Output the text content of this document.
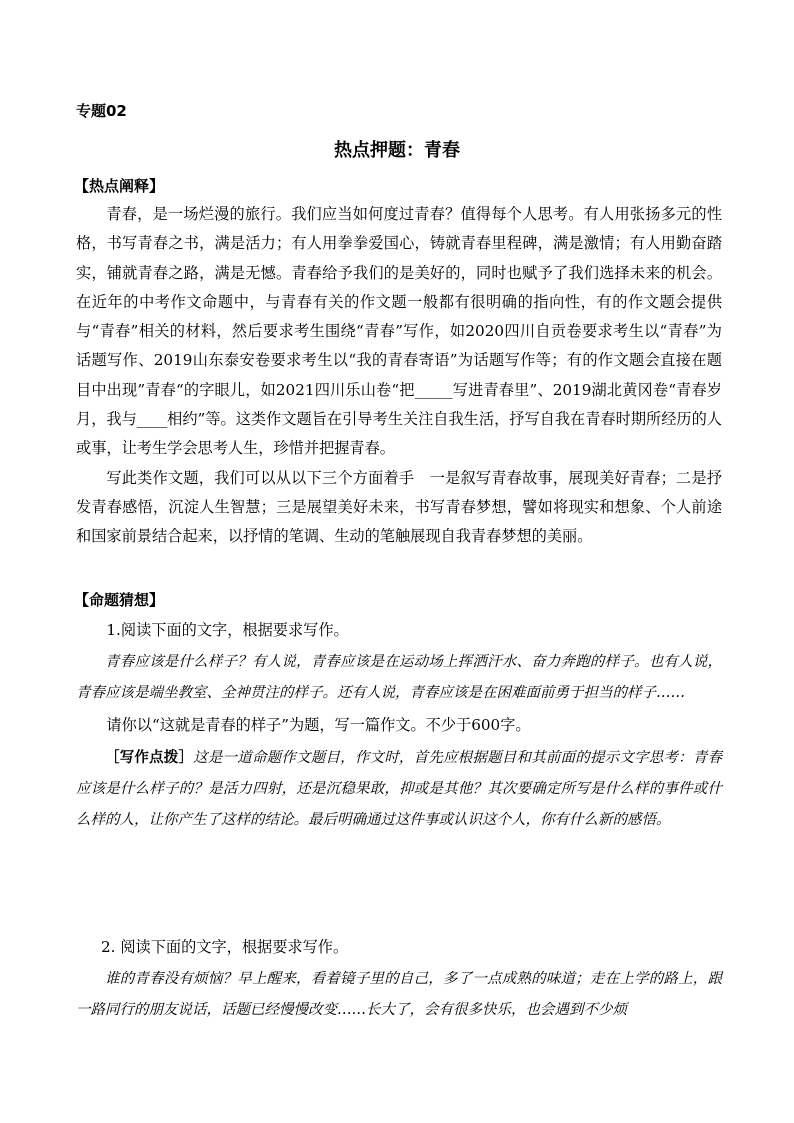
专题02
热点押题：青春
【热点阐释】

青春，是一场烂漫的旅行。我们应当如何度过青春？值得每个人思考。有人用张扬多元的性格，书写青春之书，满是活力；有人用拳拳爱国心，铸就青春里程碑，满是激情；有人用勤奋踏实，铺就青春之路，满是无憾。青春给予我们的是美好的，同时也赋予了我们选择未来的机会。在近年的中考作文命题中，与青春有关的作文题一般都有很明确的指向性，有的作文题会提供与“青春”相关的材料，然后要求考生围绕“青春”写作，如2020四川自贡卷要求考生以“青春”为话题写作、2019山东泰安卷要求考生以“我的青春寄语”为话题写作等；有的作文题会直接在题目中出现”青春“的字眼儿，如2021四川乐山卷“把_____写进青春里”、2019湖北黄冈卷“青春岁月，我与____相约”等。这类作文题旨在引导考生关注自我生活，抒写自我在青春时期所经历的人或事，让考生学会思考人生，珍惜并把握青春。

写此类作文题，我们可以从以下三个方面着手　一是叙写青春故事，展现美好青春；二是抒发青春感悟，沉淀人生智慧；三是展望美好未来，书写青春梦想，譬如将现实和想象、个人前途和国家前景结合起来，以抒情的笔调、生动的笔触展现自我青春梦想的美丽。

【命题猜想】

1.阅读下面的文字，根据要求写作。

青春应该是什么样子？有人说，青春应该是在运动场上挥洒汗水、奋力奔跑的样子。也有人说，青春应该是端坐教室、全神贯注的样子。还有人说，青春应该是在困难面前勇于担当的样子……

请你以“这就是青春的样子”为题，写一篇作文。不少于600字。

［写作点拨］这是一道命题作文题目，作文时，首先应根据题目和其前面的提示文字思考：青春应该是什么样子的？是活力四射，还是沉稳果敢，抑或是其他？其次要确定所写是什么样的事件或什么样的人，让你产生了这样的结论。最后明确通过这件事或认识这个人，你有什么新的感悟。

2. 阅读下面的文字，根据要求写作。

谁的青春没有烦恼？早上醒来，看着镜子里的自己，多了一点成熟的味道；走在上学的路上，跟一路同行的朋友说话，话题已经慢慢改变……长大了，会有很多快乐，也会遇到不少烦
